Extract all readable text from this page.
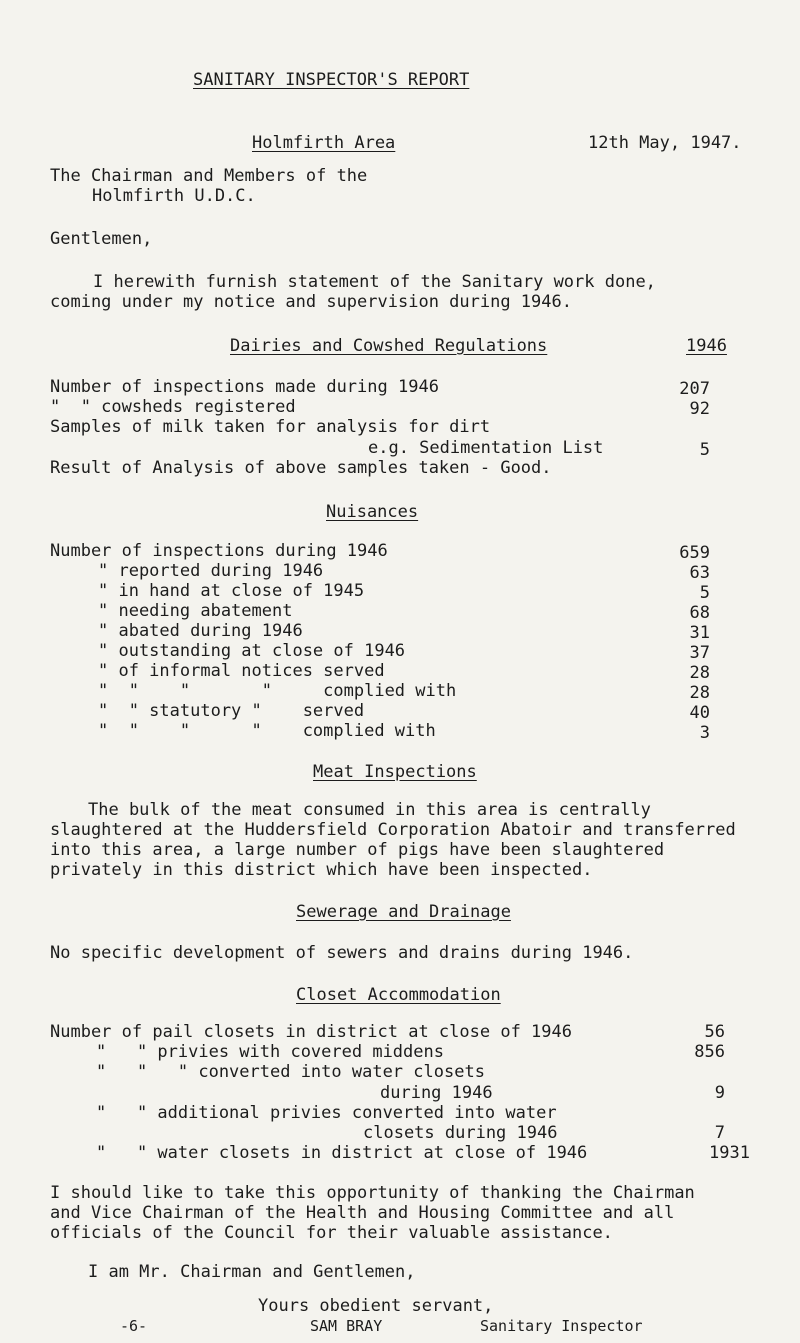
SANITARY INSPECTOR'S REPORT
Holmfirth Area	12th May, 1947.
The Chairman and Members of the
Holmfirth U.D.C.
Gentlemen,
I herewith furnish statement of the Sanitary work done,
coming under my notice and supervision during 1946.
Dairies and Cowshed Regulations	1946
Number of inspections made during 1946	207
"  " cowsheds registered	92
Samples of milk taken for analysis for dirt
e.g. Sedimentation List	5
Result of Analysis of above samples taken - Good.
Nuisances
Number of inspections during 1946	659
" reported during 1946	63
" in hand at close of 1945	5
" needing abatement	68
" abated during 1946	31
" outstanding at close of 1946	37
" of informal notices served	28
"  "    "       "     complied with	28
"  " statutory "    served	40
"  "    "      "    complied with	3
Meat Inspections
The bulk of the meat consumed in this area is centrally
slaughtered at the Huddersfield Corporation Abatoir and transferred
into this area, a large number of pigs have been slaughtered
privately in this district which have been inspected.
Sewerage and Drainage
No specific development of sewers and drains during 1946.
Closet Accommodation
Number of pail closets in district at close of 1946	56
"   " privies with covered middens	856
"   "   " converted into water closets
during 1946	9
"   " additional privies converted into water
closets during 1946	7
"   " water closets in district at close of 1946	1931
I should like to take this opportunity of thanking the Chairman
and Vice Chairman of the Health and Housing Committee and all
officials of the Council for their valuable assistance.
I am Mr. Chairman and Gentlemen,
Yours obedient servant,
SAM BRAY	Sanitary Inspector
-6-
